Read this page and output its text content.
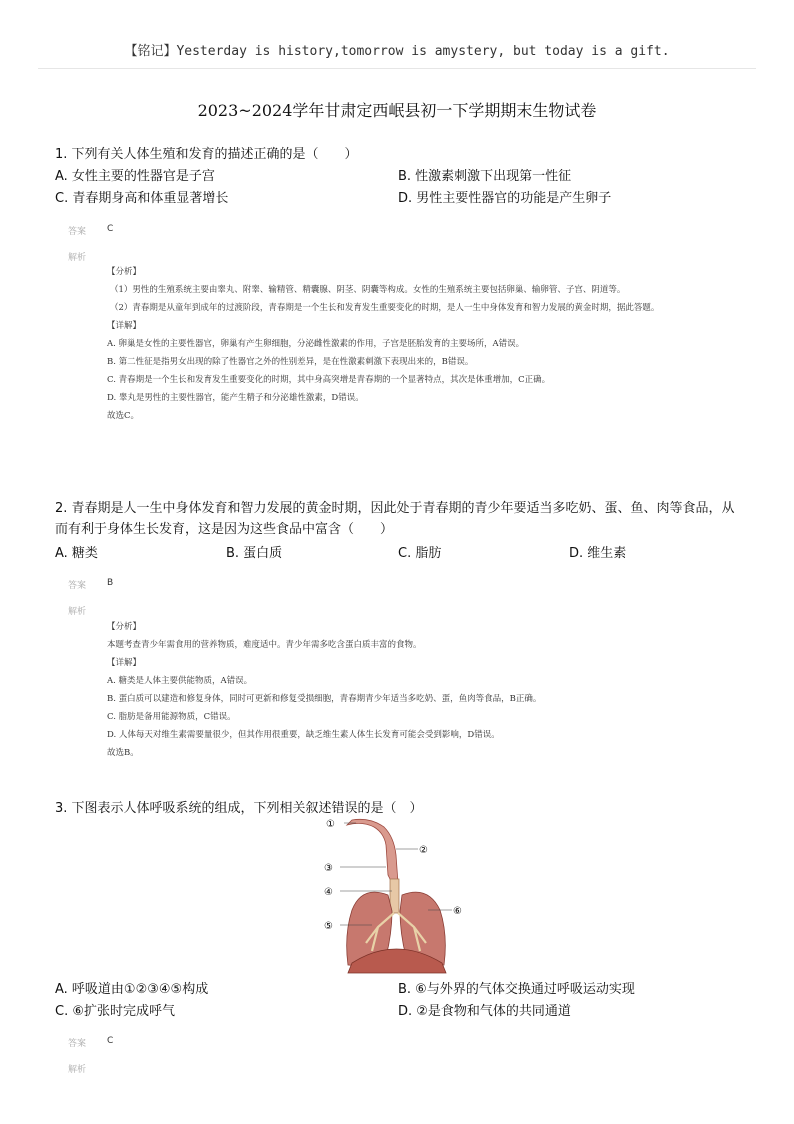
【铭记】Yesterday is history,tomorrow is amystery, but today is a gift.
2023~2024学年甘肃定西岷县初一下学期期末生物试卷
1. 下列有关人体生殖和发育的描述正确的是（　　）
A. 女性主要的性器官是子宫	B. 性激素刺激下出现第一性征
C. 青春期身高和体重显著增长	D. 男性主要性器官的功能是产生卵子
答案 C
解析

【分析】

（1）男性的生殖系统主要由睾丸、附睾、输精管、精囊腺、阴茎、阴囊等构成。女性的生殖系统主要包括卵巢、输卵管、子宫、阴道等。

（2）青春期是从童年到成年的过渡阶段，青春期是一个生长和发育发生重要变化的时期，是人一生中身体发育和智力发展的黄金时期，据此答题。

【详解】

A. 卵巢是女性的主要性器官，卵巢有产生卵细胞，分泌雌性激素的作用，子宫是胚胎发育的主要场所，A错误。

B. 第二性征是指男女出现的除了性器官之外的性别差异，是在性激素刺激下表现出来的，B错误。

C. 青春期是一个生长和发育发生重要变化的时期，其中身高突增是青春期的一个显著特点，其次是体重增加，C正确。

D. 睾丸是男性的主要性器官，能产生精子和分泌雄性激素，D错误。

故选C。

2. 青春期是人一生中身体发育和智力发展的黄金时期，因此处于青春期的青少年要适当多吃奶、蛋、鱼、肉等食品，从而有利于身体生长发育，这是因为这些食品中富含（　　）
A. 糖类	B. 蛋白质	C. 脂肪	D. 维生素
答案 B
解析

【分析】

本题考查青少年需食用的营养物质，难度适中。青少年需多吃含蛋白质丰富的食物。

【详解】

A. 糖类是人体主要供能物质，A错误。

B. 蛋白质可以建造和修复身体，同时可更新和修复受损细胞，青春期青少年适当多吃奶、蛋，鱼肉等食品，B正确。

C. 脂肪是备用能源物质，C错误。

D. 人体每天对维生素需要量很少，但其作用很重要，缺乏维生素人体生长发育可能会受到影响，D错误。

故选B。

3. 下图表示人体呼吸系统的组成，下列相关叙述错误的是（　）
①
②
③
④
⑤
⑥
A. 呼吸道由①②③④⑤构成	B. ⑥与外界的气体交换通过呼吸运动实现
C. ⑥扩张时完成呼气	D. ②是食物和气体的共同通道
答案 C
解析
